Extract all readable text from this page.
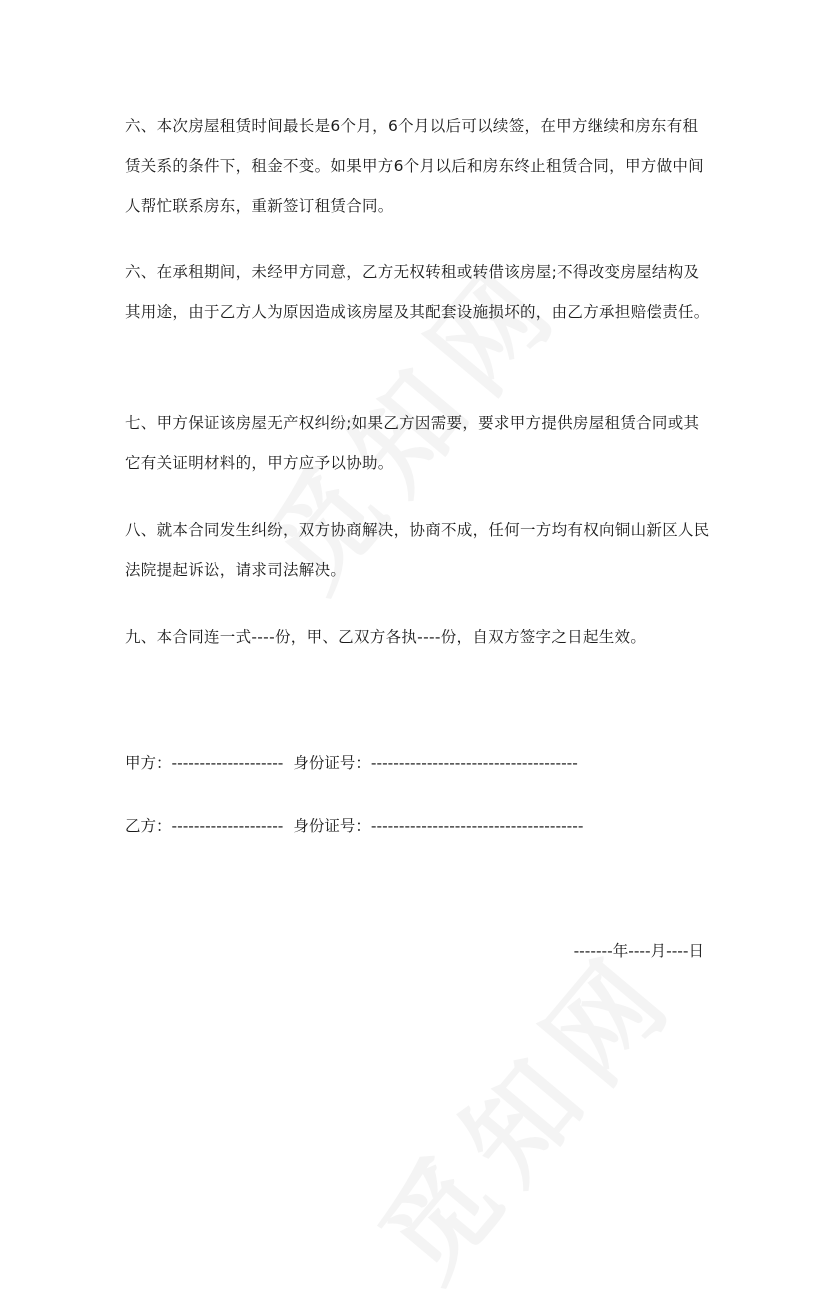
六、本次房屋租赁时间最长是6个月，6个月以后可以续签，在甲方继续和房东有租赁关系的条件下，租金不变。如果甲方6个月以后和房东终止租赁合同，甲方做中间人帮忙联系房东，重新签订租赁合同。

六、在承租期间，未经甲方同意，乙方无权转租或转借该房屋;不得改变房屋结构及其用途，由于乙方人为原因造成该房屋及其配套设施损坏的，由乙方承担赔偿责任。

七、甲方保证该房屋无产权纠纷;如果乙方因需要，要求甲方提供房屋租赁合同或其它有关证明材料的，甲方应予以协助。

八、就本合同发生纠纷，双方协商解决，协商不成，任何一方均有权向铜山新区人民法院提起诉讼，请求司法解决。

九、本合同连一式----份，甲、乙双方各执----份，自双方签字之日起生效。

甲方：-------------------- 身份证号：-------------------------------------
乙方：-------------------- 身份证号：--------------------------------------
-------年----月----日
